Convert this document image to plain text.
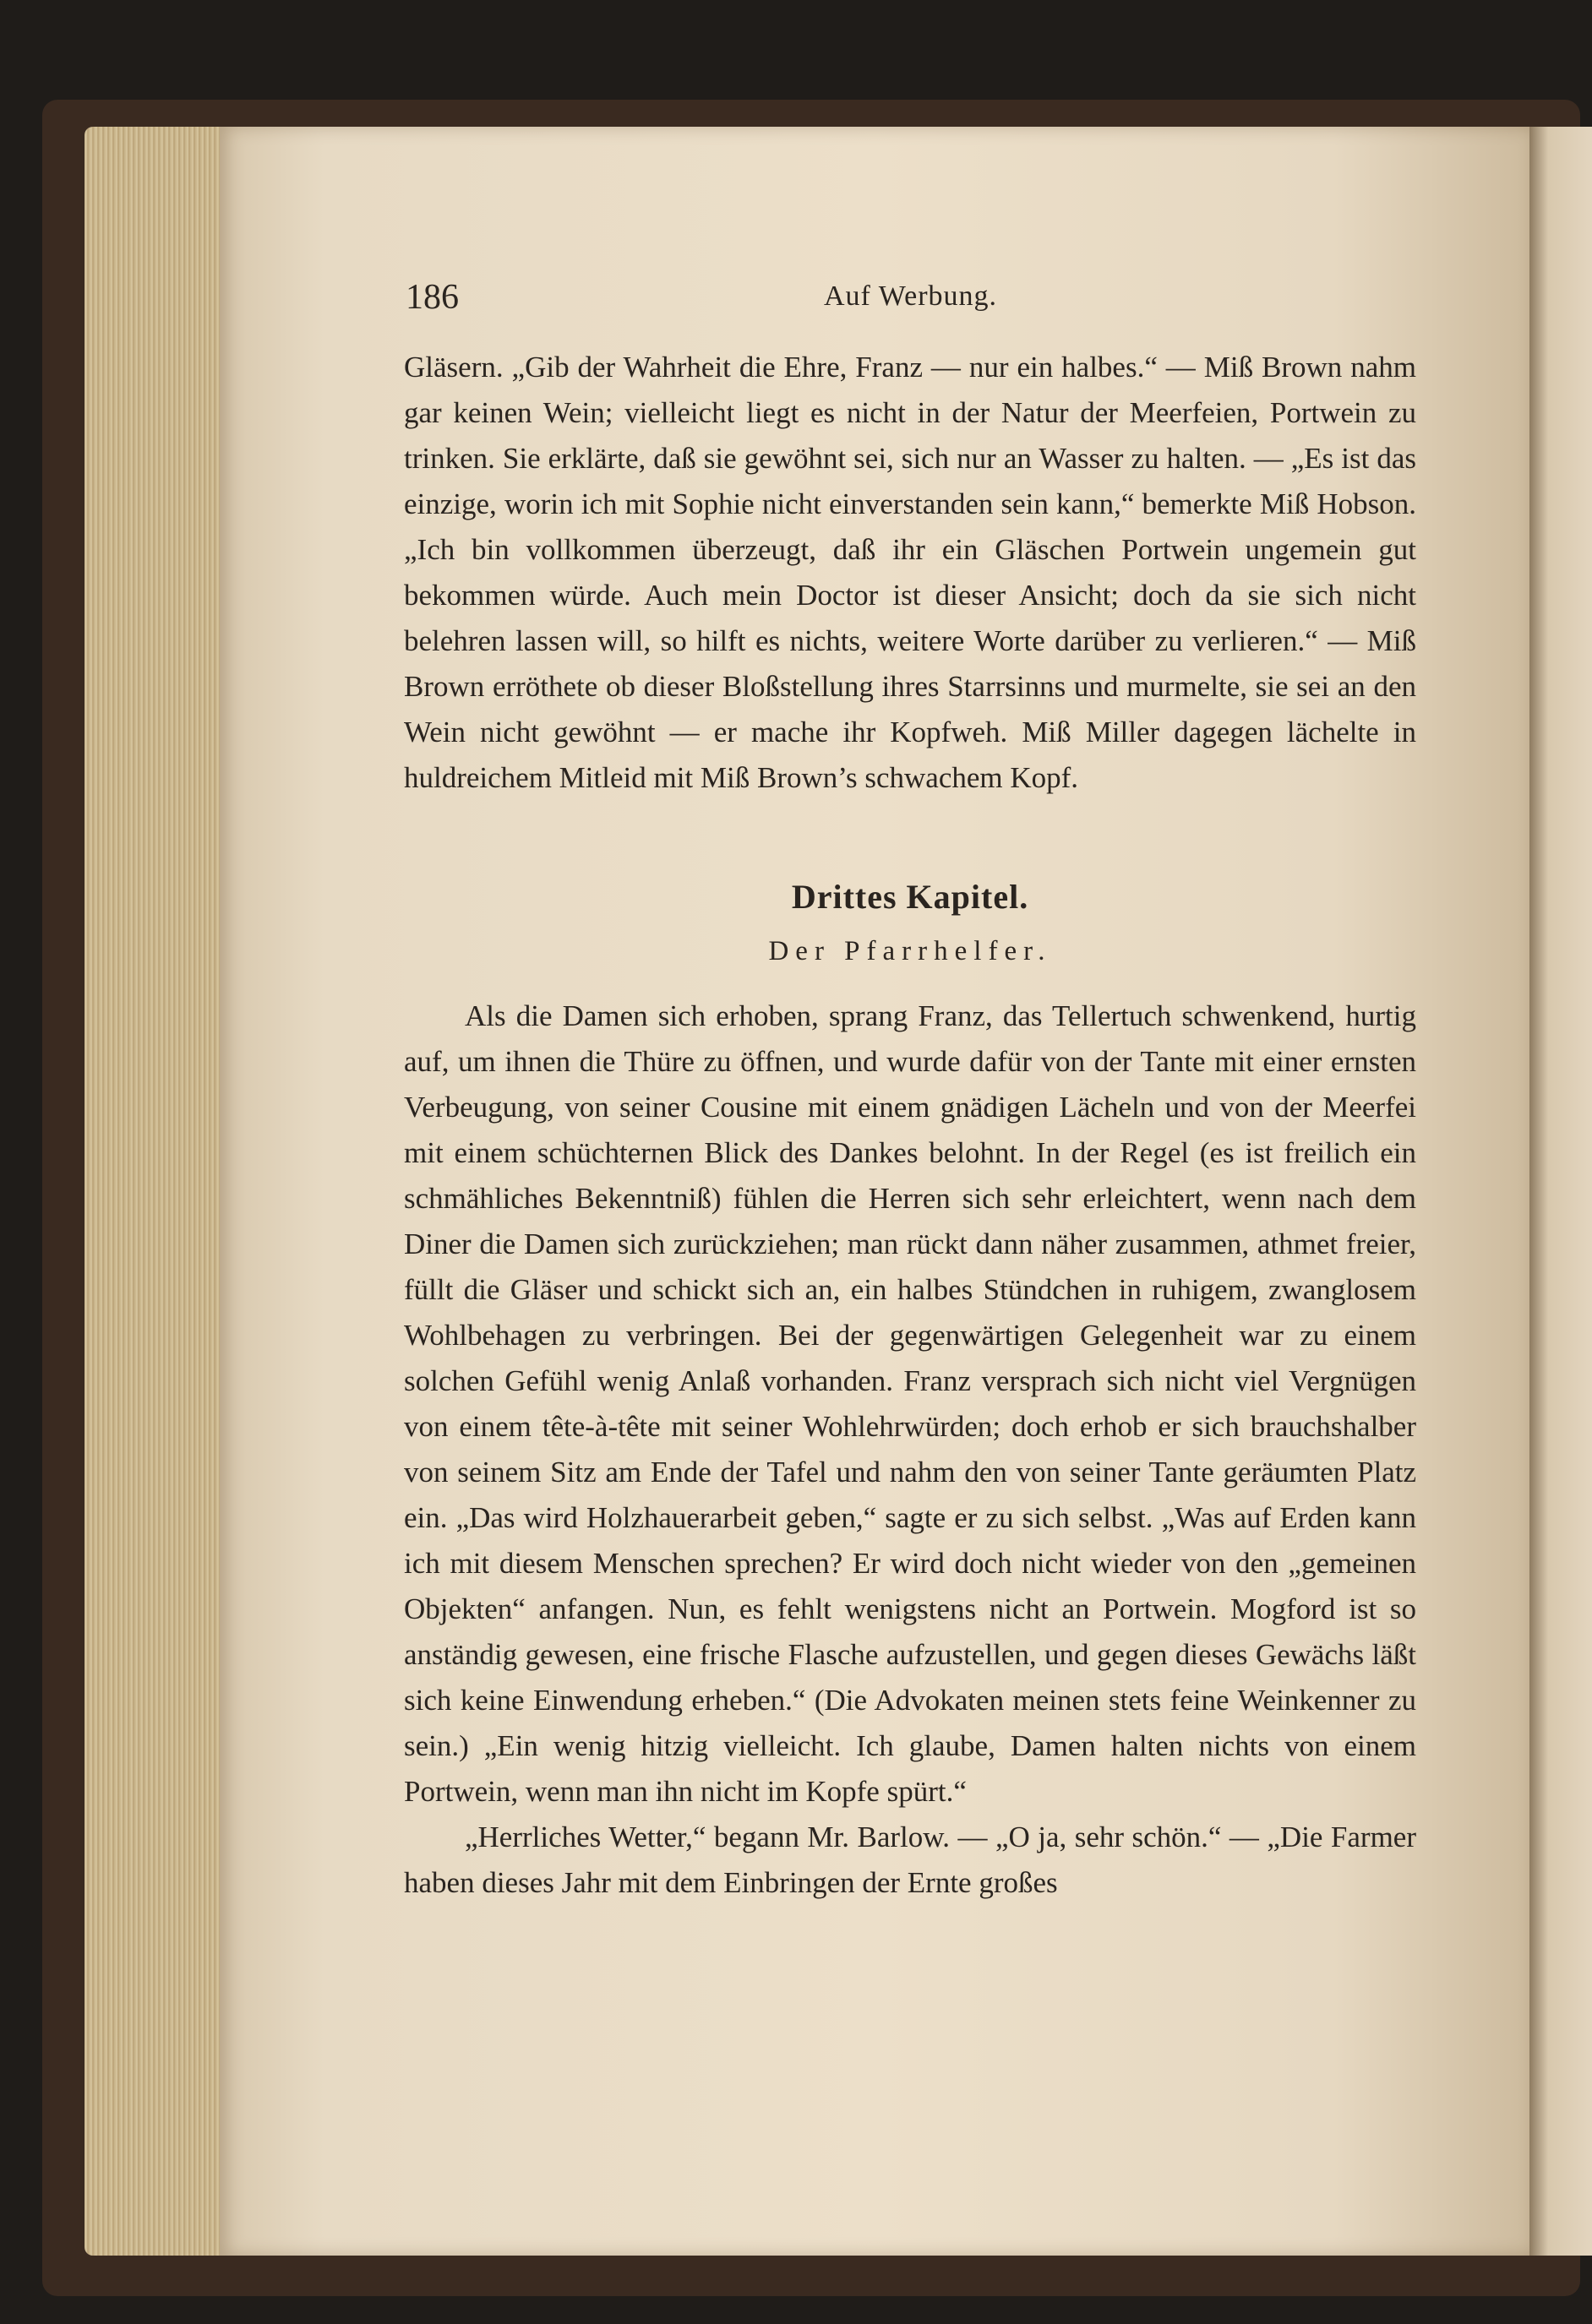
186	Auf Werbung.

Gläsern. „Gib der Wahrheit die Ehre, Franz — nur ein halbes.“ — Miß Brown nahm gar keinen Wein; vielleicht liegt es nicht in der Natur der Meerfeien, Portwein zu trinken. Sie erklärte, daß sie gewöhnt sei, sich nur an Wasser zu halten. — „Es ist das einzige, worin ich mit Sophie nicht einverstanden sein kann,“ bemerkte Miß Hobson. „Ich bin vollkommen überzeugt, daß ihr ein Gläschen Portwein ungemein gut bekommen würde. Auch mein Doctor ist dieser Ansicht; doch da sie sich nicht belehren lassen will, so hilft es nichts, weitere Worte darüber zu verlieren.“ — Miß Brown erröthete ob dieser Bloßstellung ihres Starrsinns und murmelte, sie sei an den Wein nicht gewöhnt — er mache ihr Kopfweh. Miß Miller dagegen lächelte in huldreichem Mitleid mit Miß Brown’s schwachem Kopf.

Drittes Kapitel.
Der Pfarrhelfer.

Als die Damen sich erhoben, sprang Franz, das Tellertuch schwenkend, hurtig auf, um ihnen die Thüre zu öffnen, und wurde dafür von der Tante mit einer ernsten Verbeugung, von seiner Cousine mit einem gnädigen Lächeln und von der Meerfei mit einem schüchternen Blick des Dankes belohnt. In der Regel (es ist freilich ein schmähliches Bekenntniß) fühlen die Herren sich sehr erleichtert, wenn nach dem Diner die Damen sich zurückziehen; man rückt dann näher zusammen, athmet freier, füllt die Gläser und schickt sich an, ein halbes Stündchen in ruhigem, zwanglosem Wohlbehagen zu verbringen. Bei der gegenwärtigen Gelegenheit war zu einem solchen Gefühl wenig Anlaß vorhanden. Franz versprach sich nicht viel Vergnügen von einem tête-à-tête mit seiner Wohlehrwürden; doch erhob er sich brauchshalber von seinem Sitz am Ende der Tafel und nahm den von seiner Tante geräumten Platz ein. „Das wird Holzhauerarbeit geben,“ sagte er zu sich selbst. „Was auf Erden kann ich mit diesem Menschen sprechen? Er wird doch nicht wieder von den „gemeinen Objekten“ anfangen. Nun, es fehlt wenigstens nicht an Portwein. Mogford ist so anständig gewesen, eine frische Flasche aufzustellen, und gegen dieses Gewächs läßt sich keine Einwendung erheben.“ (Die Advokaten meinen stets feine Weinkenner zu sein.) „Ein wenig hitzig vielleicht. Ich glaube, Damen halten nichts von einem Portwein, wenn man ihn nicht im Kopfe spürt.“

„Herrliches Wetter,“ begann Mr. Barlow. — „O ja, sehr schön.“ — „Die Farmer haben dieses Jahr mit dem Einbringen der Ernte großes
